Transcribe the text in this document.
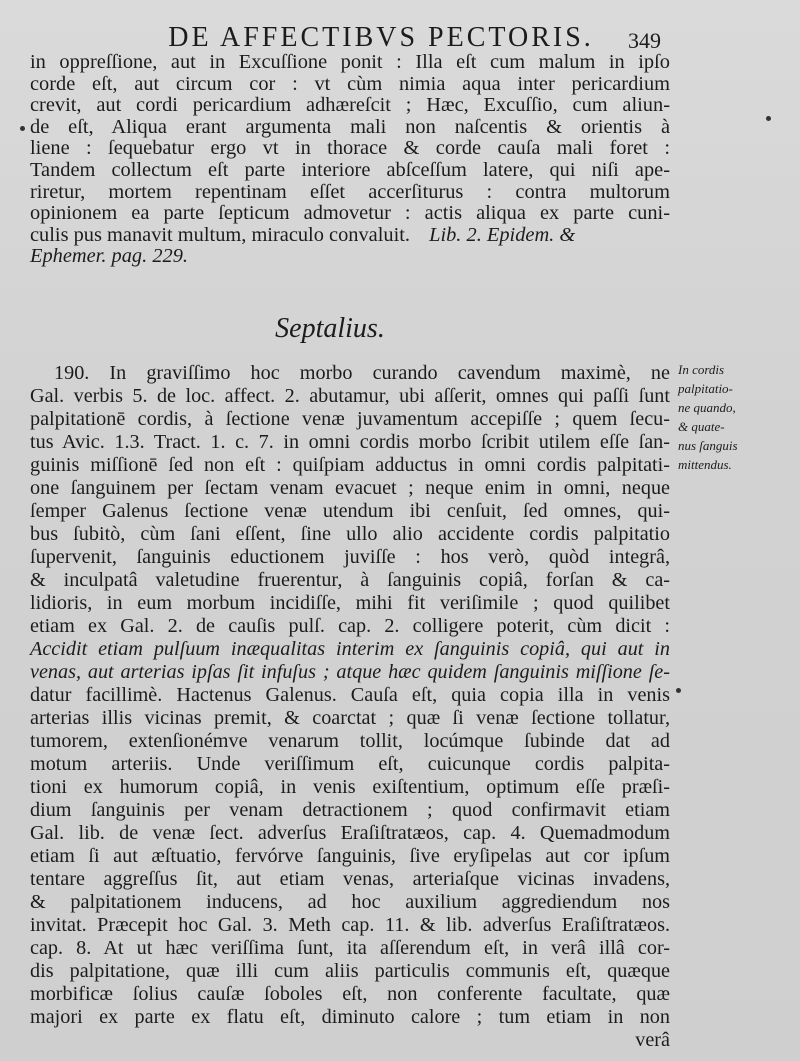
DE AFFECTIBVS PECTORIS.	349
in oppreſſione, aut in Excuſſione ponit : Illa eſt cum malum in ipſo
corde eſt, aut circum cor : vt cùm nimia aqua inter pericardium
crevit, aut cordi pericardium adhæreſcit ; Hæc, Excuſſio, cum aliun-
de eſt, Aliqua erant argumenta mali non naſcentis & orientis à
liene : ſequebatur ergo vt in thorace & corde cauſa mali foret :
Tandem collectum eſt parte interiore abſceſſum latere, qui niſi ape-
riretur, mortem repentinam eſſet accerſiturus : contra multorum
opinionem ea parte ſepticum admovetur : actis aliqua ex parte cuni-
culis pus manavit multum, miraculo convaluit. Lib. 2. Epidem. &
Ephemer. pag. 229.
Septalius.
190. In graviſſimo hoc morbo curando cavendum maximè, ne
Gal. verbis 5. de loc. affect. 2. abutamur, ubi aſſerit, omnes qui paſſi ſunt
palpitationē cordis, à ſectione venæ juvamentum accepiſſe ; quem ſecu-
tus Avic. 1.3. Tract. 1. c. 7. in omni cordis morbo ſcribit utilem eſſe ſan-
guinis miſſionē ſed non eſt : quiſpiam adductus in omni cordis palpitati-
one ſanguinem per ſectam venam evacuet ; neque enim in omni, neque
ſemper Galenus ſectione venæ utendum ibi cenſuit, ſed omnes, qui-
bus ſubitò, cùm ſani eſſent, ſine ullo alio accidente cordis palpitatio
ſupervenit, ſanguinis eductionem juviſſe : hos verò, quòd integrâ,
& inculpatâ valetudine fruerentur, à ſanguinis copiâ, forſan & ca-
lidioris, in eum morbum incidiſſe, mihi fit veriſimile ; quod quilibet
etiam ex Gal. 2. de cauſis pulſ. cap. 2. colligere poterit, cùm dicit :
Accidit etiam pulſuum inæqualitas interim ex ſanguinis copiâ, qui aut in
venas, aut arterias ipſas ſit infuſus ; atque hæc quidem ſanguinis miſſione ſe-
datur facillimè. Hactenus Galenus. Cauſa eſt, quia copia illa in venis
arterias illis vicinas premit, & coarctat ; quæ ſi venæ ſectione tollatur,
tumorem, extenſionémve venarum tollit, locúmque ſubinde dat ad
motum arteriis. Unde veriſſimum eſt, cuicunque cordis palpita-
tioni ex humorum copiâ, in venis exiſtentium, optimum eſſe præſi-
dium ſanguinis per venam detractionem ; quod confirmavit etiam
Gal. lib. de venæ ſect. adverſus Eraſiſtratæos, cap. 4. Quemadmodum
etiam ſi aut æſtuatio, fervórve ſanguinis, ſive eryſipelas aut cor ipſum
tentare aggreſſus ſit, aut etiam venas, arteriaſque vicinas invadens,
& palpitationem inducens, ad hoc auxilium aggrediendum nos
invitat. Præcepit hoc Gal. 3. Meth cap. 11. & lib. adverſus Eraſiſtratæos.
cap. 8. At ut hæc veriſſima ſunt, ita aſſerendum eſt, in verâ illâ cor-
dis palpitatione, quæ illi cum aliis particulis communis eſt, quæque
morbificæ ſolius cauſæ ſoboles eſt, non conferente facultate, quæ
majori ex parte ex flatu eſt, diminuto calore ; tum etiam in non
verâ
In cordis
palpitatio-
ne quando,
& quate-
nus ſanguis
mittendus.
